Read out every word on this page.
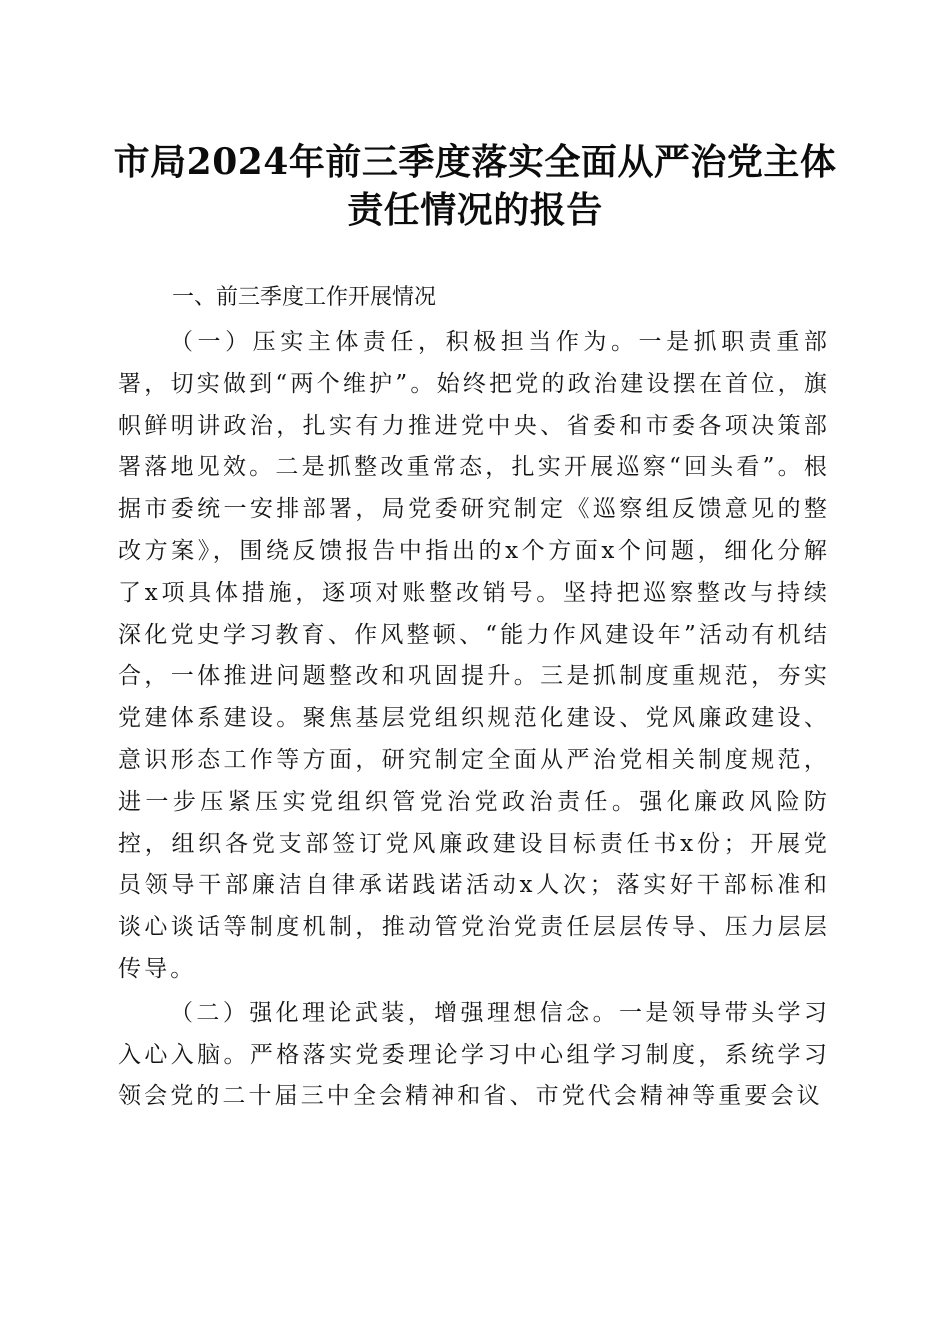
市局2024年前三季度落实全面从严治党主体
责任情况的报告
一、前三季度工作开展情况

（一）压实主体责任，积极担当作为。一是抓职责重部署，切实做到“两个维护”。始终把党的政治建设摆在首位，旗帜鲜明讲政治，扎实有力推进党中央、省委和市委各项决策部署落地见效。二是抓整改重常态，扎实开展巡察“回头看”。根据市委统一安排部署，局党委研究制定《巡察组反馈意见的整改方案》，围绕反馈报告中指出的x个方面x个问题，细化分解了x项具体措施，逐项对账整改销号。坚持把巡察整改与持续深化党史学习教育、作风整顿、“能力作风建设年”活动有机结合，一体推进问题整改和巩固提升。三是抓制度重规范，夯实党建体系建设。聚焦基层党组织规范化建设、党风廉政建设、意识形态工作等方面，研究制定全面从严治党相关制度规范，进一步压紧压实党组织管党治党政治责任。强化廉政风险防控，组织各党支部签订党风廉政建设目标责任书x份；开展党员领导干部廉洁自律承诺践诺活动x人次；落实好干部标准和谈心谈话等制度机制，推动管党治党责任层层传导、压力层层传导。

（二）强化理论武装，增强理想信念。一是领导带头学习入心入脑。严格落实党委理论学习中心组学习制度，系统学习领会党的二十届三中全会精神和省、市党代会精神等重要会议
